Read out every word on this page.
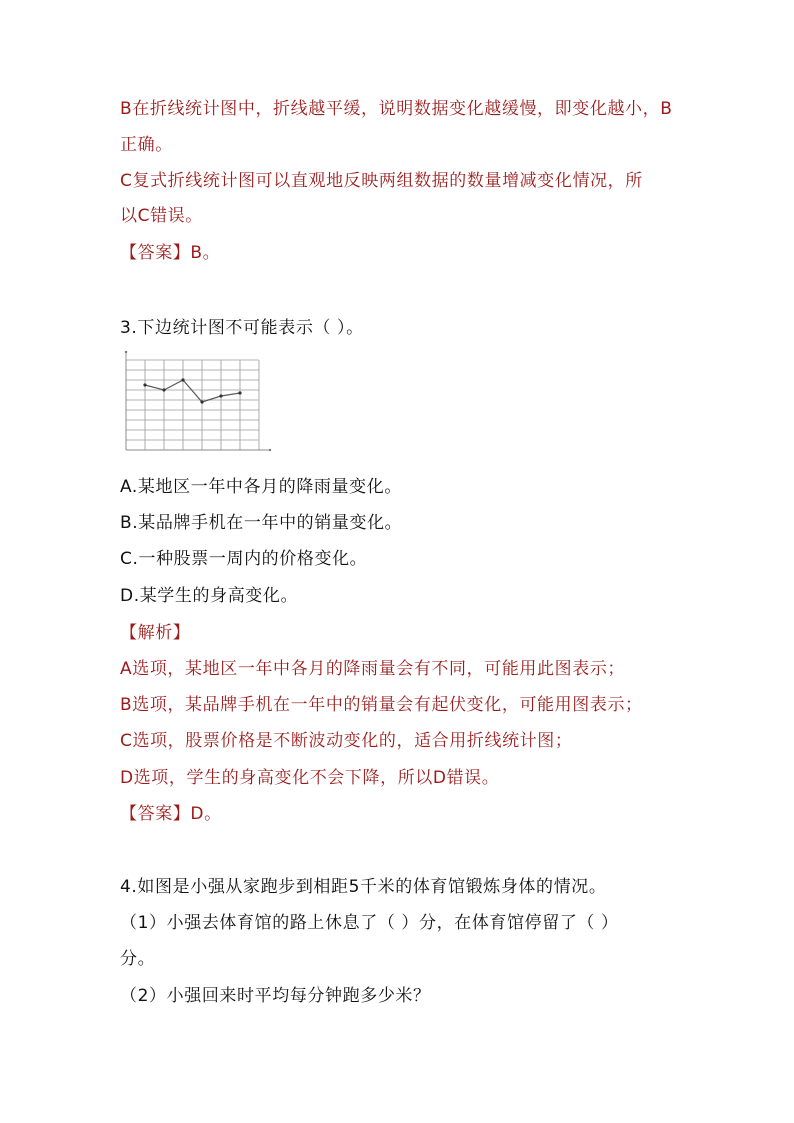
B在折线统计图中，折线越平缓，说明数据变化越缓慢，即变化越小，B
正确。
C复式折线统计图可以直观地反映两组数据的数量增减变化情况，所
以C错误。
【答案】B。
3.下边统计图不可能表示（ ）。
A.某地区一年中各月的降雨量变化。
B.某品牌手机在一年中的销量变化。
C.一种股票一周内的价格变化。
D.某学生的身高变化。
【解析】
A选项，某地区一年中各月的降雨量会有不同，可能用此图表示；
B选项，某品牌手机在一年中的销量会有起伏变化，可能用图表示；
C选项，股票价格是不断波动变化的，适合用折线统计图；
D选项，学生的身高变化不会下降，所以D错误。
【答案】D。
4.如图是小强从家跑步到相距5千米的体育馆锻炼身体的情况。
（1）小强去体育馆的路上休息了（ ）分，在体育馆停留了（ ）
分。
（2）小强回来时平均每分钟跑多少米？
